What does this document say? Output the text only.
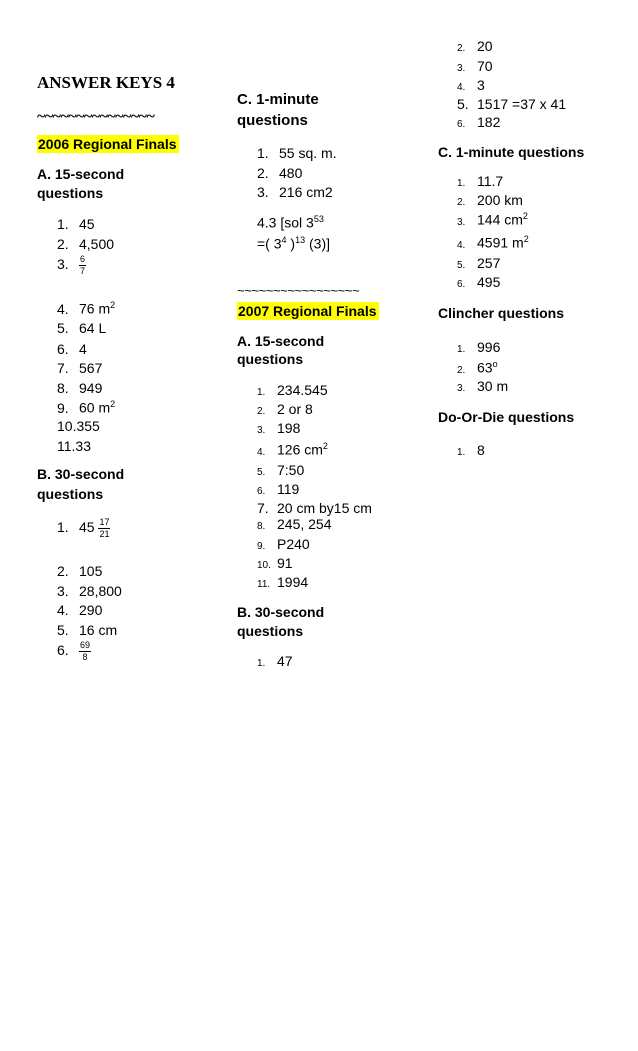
ANSWER KEYS 4
~~~~~~~~~~~~~~~
2006 Regional Finals
A. 15-second
questions
1. 45
2. 4,500
3. $\frac{6}{7}$
4. 76 $m^2$
5. 64 L
6. 4
7. 567
8. 949
9. 60 $m^2$
10.355
11.33
B. 30-second
questions
1. $45 \frac{17}{21}$
2. 105
3. 28,800
4. 290
5. 16 cm
6. $\frac{69}{8}$
C. 1-minute
questions
1. 55 sq. m.
2. 480
3. 216 cm2
4.3 [sol $3^{53}$
=( $3^4$ )$^{13}$ (3)]
~~~~~~~~~~~~~~~~~
2007 Regional Finals
A. 15-second
questions
1. 234.545
2. 2 or 8
3. 198
4. 126 $cm^2$
5. 7:50
6. 119
7. 20 cm by15 cm
8. 245, 254
9. P240
10. 91
11. 1994
B. 30-second
questions
1. 47
2. 20
3. 70
4. 3
5. 1517 =37 x 41
6. 182
C. 1-minute questions
1. 11.7
2. 200 km
3. 144 $cm^2$
4. 4591 $m^2$
5. 257
6. 495
Clincher questions
1. 996
2. 63$^o$
3. 30 m
Do-Or-Die questions
1. 8
